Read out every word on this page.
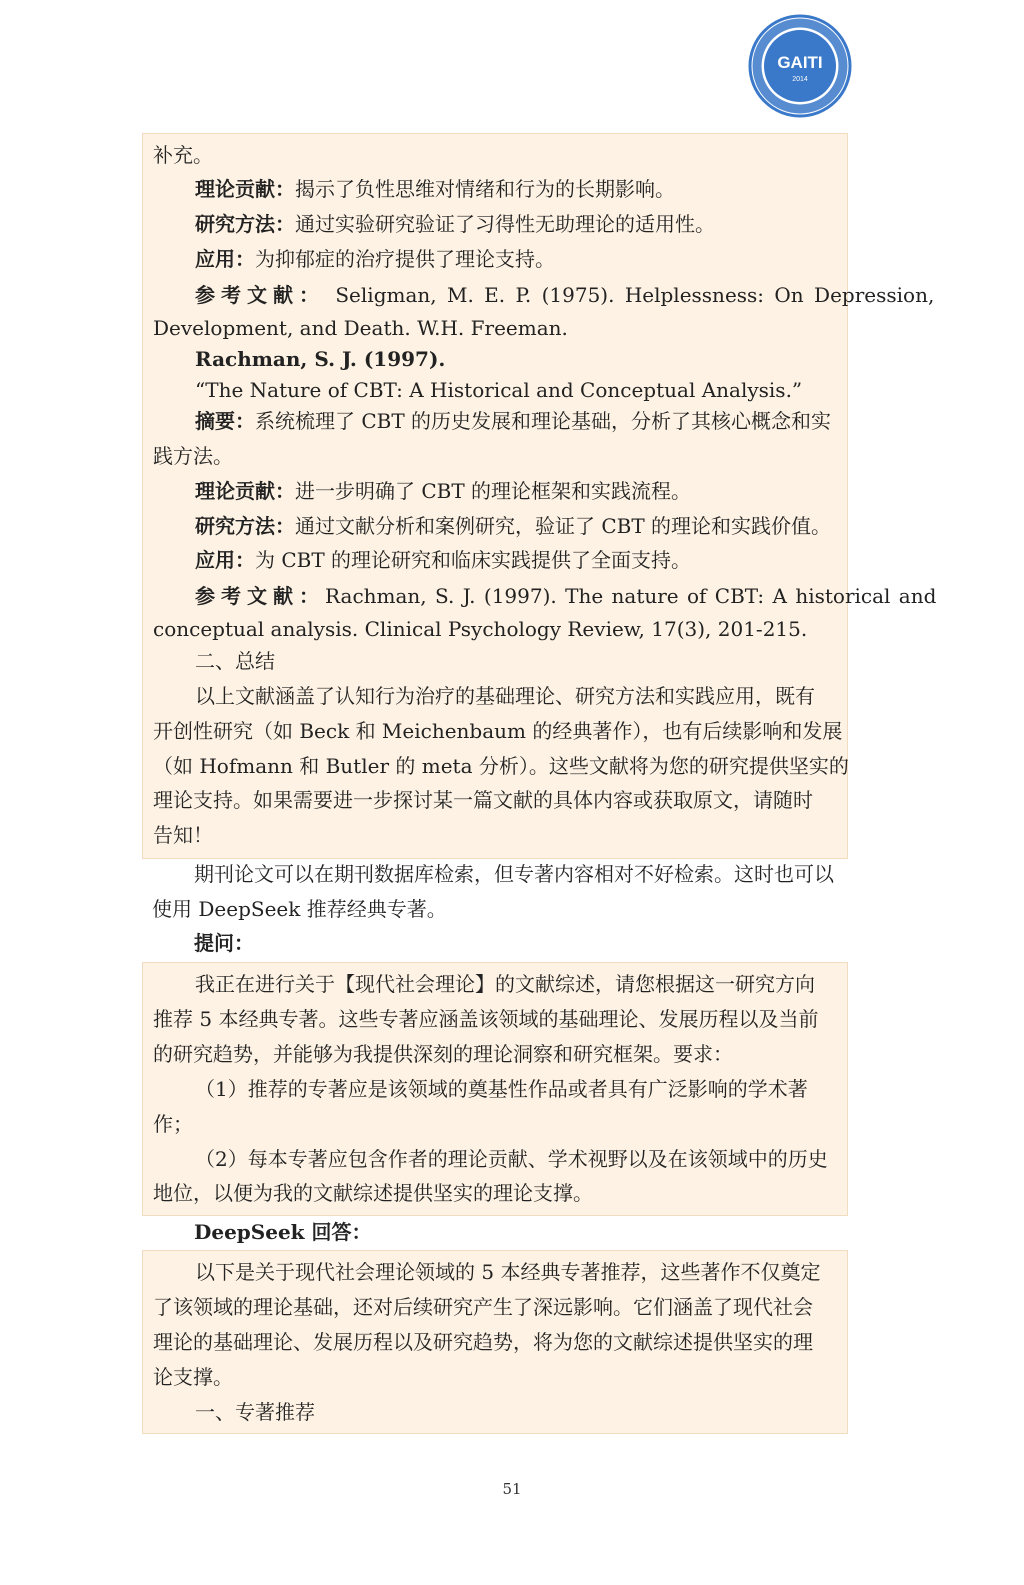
GAITI
2014
补充。
理论贡献：揭示了负性思维对情绪和行为的长期影响。
研究方法：通过实验研究验证了习得性无助理论的适用性。
应用：为抑郁症的治疗提供了理论支持。
参考文献： Seligman, M. E. P. (1975). Helplessness: On Depression,
Development, and Death. W.H. Freeman.
Rachman, S. J. (1997).
“The Nature of CBT: A Historical and Conceptual Analysis.”
摘要：系统梳理了 CBT 的历史发展和理论基础，分析了其核心概念和实
践方法。
理论贡献：进一步明确了 CBT 的理论框架和实践流程。
研究方法：通过文献分析和案例研究，验证了 CBT 的理论和实践价值。
应用：为 CBT 的理论研究和临床实践提供了全面支持。
参考文献：Rachman, S. J. (1997). The nature of CBT: A historical and
conceptual analysis. Clinical Psychology Review, 17(3), 201-215.
二、总结
以上文献涵盖了认知行为治疗的基础理论、研究方法和实践应用，既有
开创性研究（如 Beck 和 Meichenbaum 的经典著作），也有后续影响和发展
（如 Hofmann 和 Butler 的 meta 分析）。这些文献将为您的研究提供坚实的
理论支持。如果需要进一步探讨某一篇文献的具体内容或获取原文，请随时
告知！
期刊论文可以在期刊数据库检索，但专著内容相对不好检索。这时也可以
使用 DeepSeek 推荐经典专著。
提问：
我正在进行关于【现代社会理论】的文献综述，请您根据这一研究方向
推荐 5 本经典专著。这些专著应涵盖该领域的基础理论、发展历程以及当前
的研究趋势，并能够为我提供深刻的理论洞察和研究框架。要求：
（1）推荐的专著应是该领域的奠基性作品或者具有广泛影响的学术著
作；
（2）每本专著应包含作者的理论贡献、学术视野以及在该领域中的历史
地位，以便为我的文献综述提供坚实的理论支撑。
DeepSeek 回答：
以下是关于现代社会理论领域的 5 本经典专著推荐，这些著作不仅奠定
了该领域的理论基础，还对后续研究产生了深远影响。它们涵盖了现代社会
理论的基础理论、发展历程以及研究趋势，将为您的文献综述提供坚实的理
论支撑。
一、专著推荐
51
